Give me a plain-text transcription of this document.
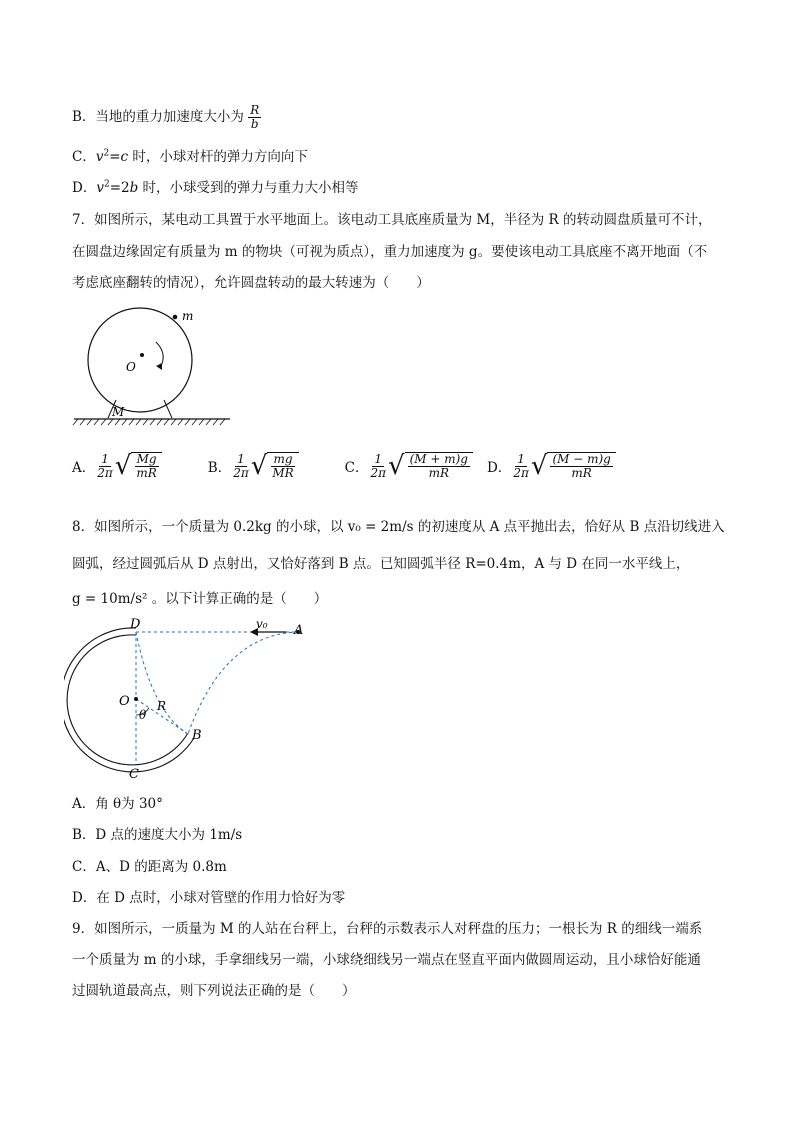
B．当地的重力加速度大小为 $\frac{R}{b}$
C．$v^2=c$ 时，小球对杆的弹力方向向下
D．$v^2=2b$ 时，小球受到的弹力与重力大小相等
7．如图所示，某电动工具置于水平地面上。该电动工具底座质量为 M，半径为 R 的转动圆盘质量可不计，
在圆盘边缘固定有质量为 m 的物块（可视为质点），重力加速度为 g。要使该电动工具底座不离开地面（不
考虑底座翻转的情况），允许圆盘转动的最大转速为（　　）
m
O
M
A． $\frac{1}{2\pi}$ √ $\frac{Mg}{mR}$	B． $\frac{1}{2\pi}$ √ $\frac{mg}{MR}$	C． $\frac{1}{2\pi}$ √ $\frac{(M + m)g}{mR}$ D． $\frac{1}{2\pi}$ √ $\frac{(M - m)g}{mR}$
8．如图所示，一个质量为 0.2kg 的小球，以 v₀ = 2m/s 的初速度从 A 点平抛出去，恰好从 B 点沿切线进入
圆弧，经过圆弧后从 D 点射出，又恰好落到 B 点。已知圆弧半径 R=0.4m，A 与 D 在同一水平线上，
g = 10m/s² 。以下计算正确的是（　　）
D	A
v₀
O R
θ
B
C
A．角 θ为 30°
B．D 点的速度大小为 1m/s
C．A、D 的距离为 0.8m
D．在 D 点时，小球对管壁的作用力恰好为零
9．如图所示，一质量为 M 的人站在台秤上，台秤的示数表示人对秤盘的压力；一根长为 R 的细线一端系
一个质量为 m 的小球，手拿细线另一端，小球绕细线另一端点在竖直平面内做圆周运动，且小球恰好能通
过圆轨道最高点，则下列说法正确的是（　　）
